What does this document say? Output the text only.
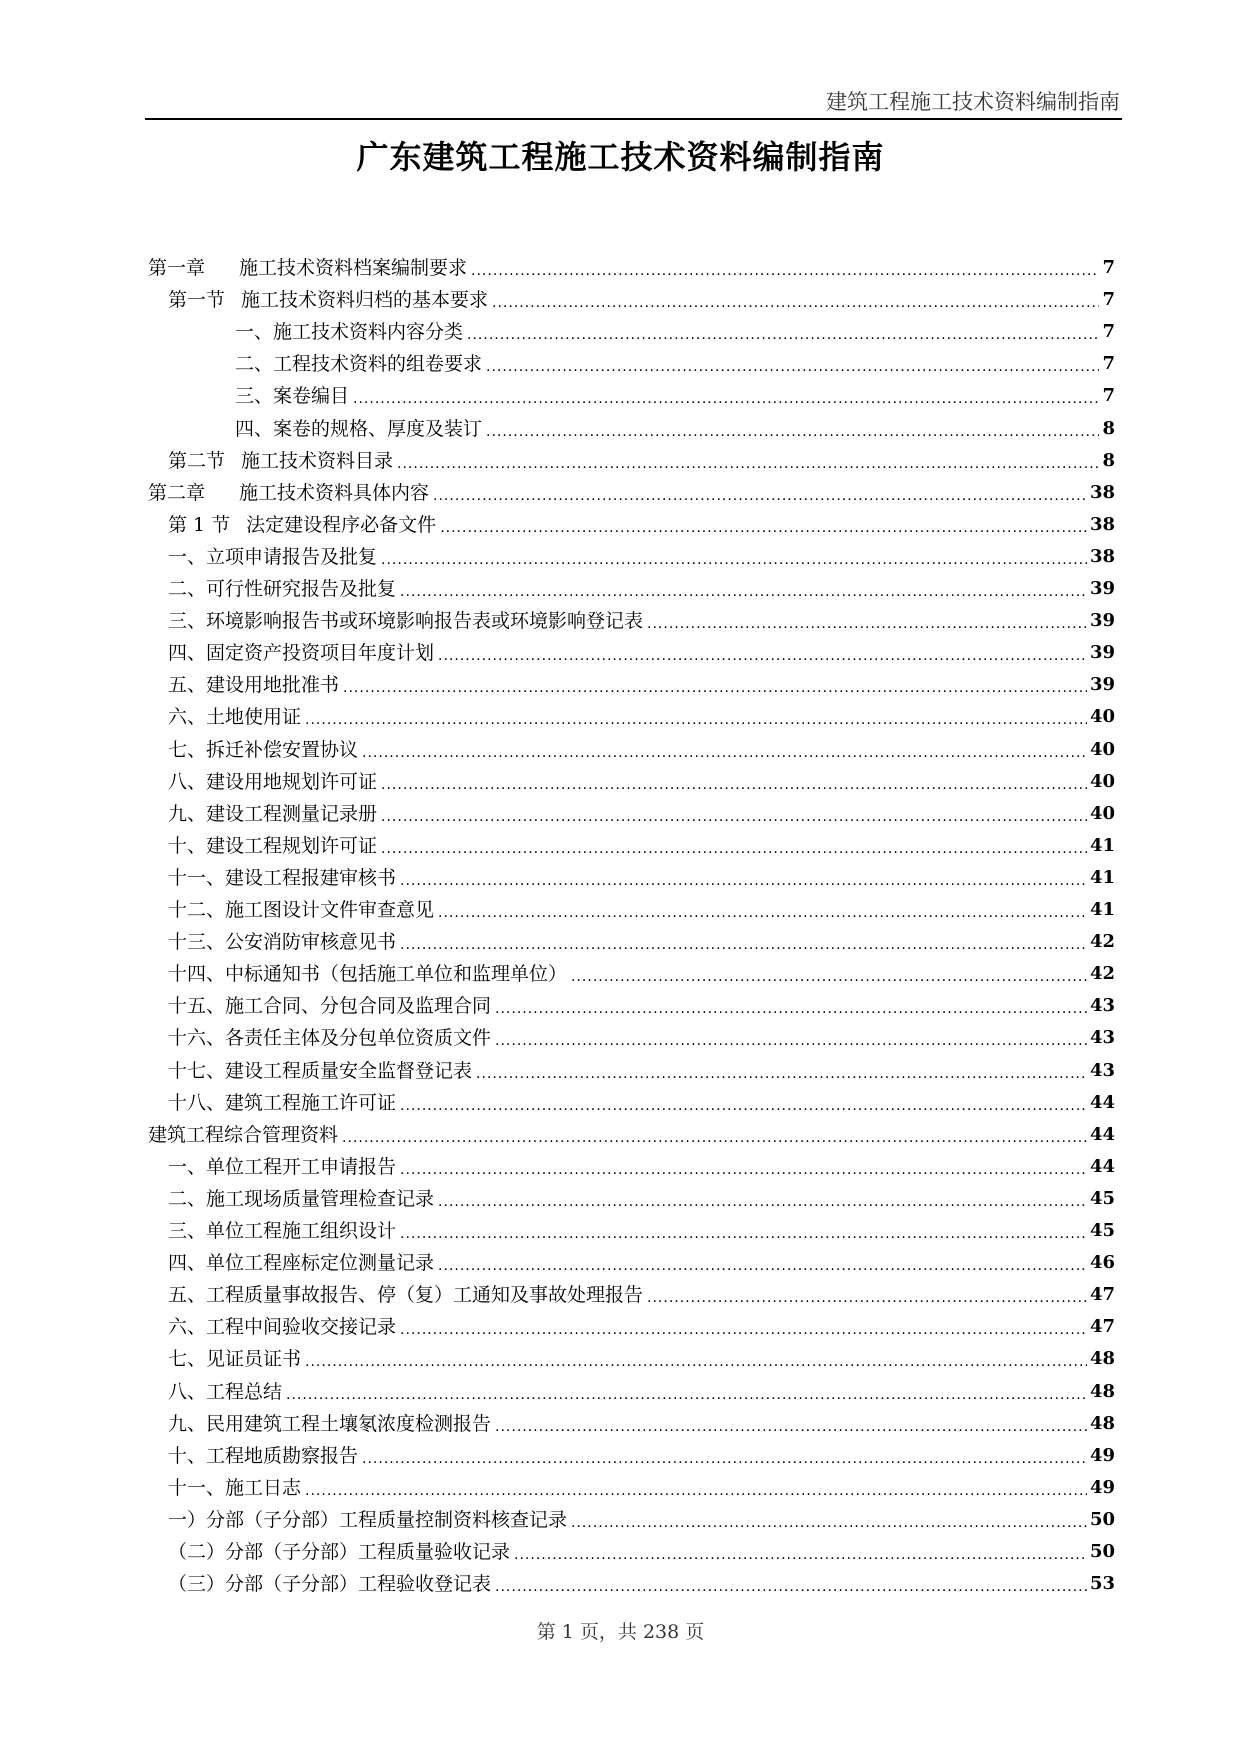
建筑工程施工技术资料编制指南
广东建筑工程施工技术资料编制指南
第一章 施工技术资料档案编制要求 .....	7
第一节 施工技术资料归档的基本要求 .....	7
一、施工技术资料内容分类 .....	7
二、工程技术资料的组卷要求 .....	7
三、案卷编目 .....	7
四、案卷的规格、厚度及装订 .....	8
第二节 施工技术资料目录 .....	8
第二章 施工技术资料具体内容 .....	38
第 1 节 法定建设程序必备文件 .....	38
一、立项申请报告及批复 .....	38
二、可行性研究报告及批复 .....	39
三、环境影响报告书或环境影响报告表或环境影响登记表 .....	39
四、固定资产投资项目年度计划 .....	39
五、建设用地批准书 .....	39
六、土地使用证 .....	40
七、拆迁补偿安置协议 .....	40
八、建设用地规划许可证 .....	40
九、建设工程测量记录册 .....	40
十、建设工程规划许可证 .....	41
十一、建设工程报建审核书 .....	41
十二、施工图设计文件审查意见 .....	41
十三、公安消防审核意见书 .....	42
十四、中标通知书（包括施工单位和监理单位） .....	42
十五、施工合同、分包合同及监理合同 .....	43
十六、各责任主体及分包单位资质文件 .....	43
十七、建设工程质量安全监督登记表 .....	43
十八、建筑工程施工许可证 .....	44
建筑工程综合管理资料 .....	44
一、单位工程开工申请报告 .....	44
二、施工现场质量管理检查记录 .....	45
三、单位工程施工组织设计 .....	45
四、单位工程座标定位测量记录 .....	46
五、工程质量事故报告、停（复）工通知及事故处理报告 .....	47
六、工程中间验收交接记录 .....	47
七、见证员证书 .....	48
八、工程总结 .....	48
九、民用建筑工程土壤氡浓度检测报告 .....	48
十、工程地质勘察报告 .....	49
十一、施工日志 .....	49
一）分部（子分部）工程质量控制资料核查记录 .....	50
（二）分部（子分部）工程质量验收记录 .....	50
（三）分部（子分部）工程验收登记表 .....	53
第 1 页，共 238 页
